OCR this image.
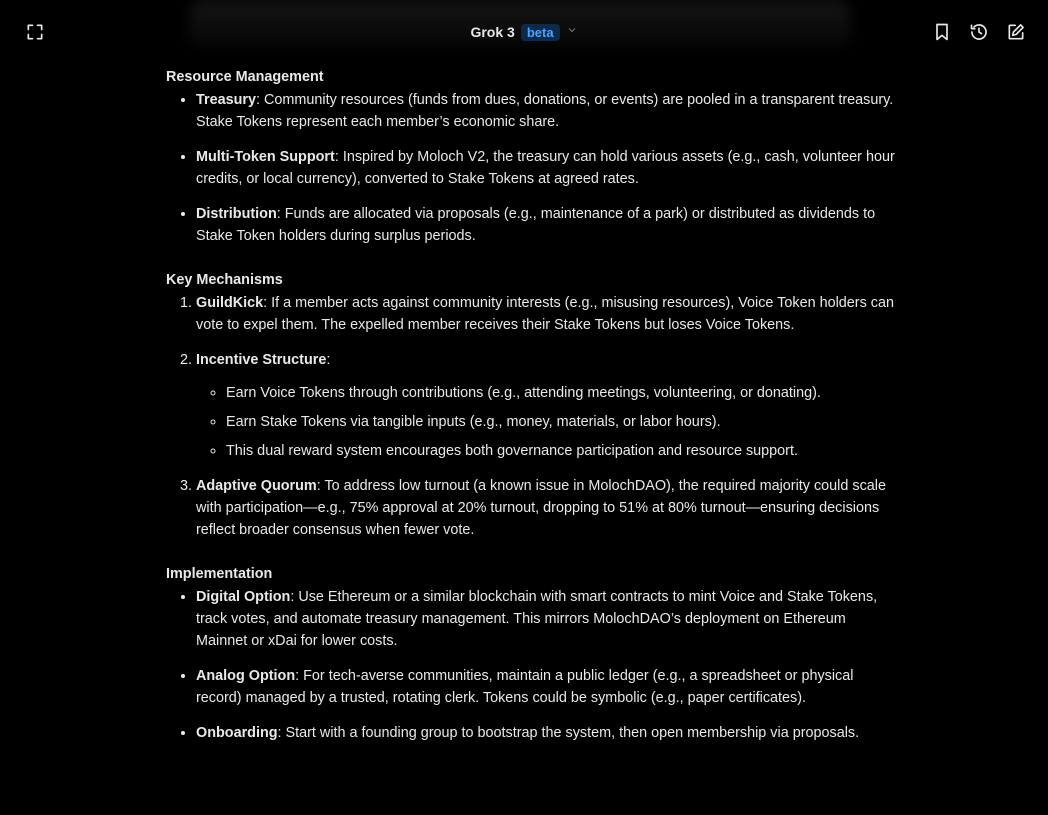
Grok 3 beta
Resource Management
• Treasury: Community resources (funds from dues, donations, or events) are pooled in a transparent treasury. Stake Tokens represent each member’s economic share.
• Multi-Token Support: Inspired by Moloch V2, the treasury can hold various assets (e.g., cash, volunteer hour credits, or local currency), converted to Stake Tokens at agreed rates.
• Distribution: Funds are allocated via proposals (e.g., maintenance of a park) or distributed as dividends to Stake Token holders during surplus periods.
Key Mechanisms
1. GuildKick: If a member acts against community interests (e.g., misusing resources), Voice Token holders can vote to expel them. The expelled member receives their Stake Tokens but loses Voice Tokens.
2. Incentive Structure:
◦ Earn Voice Tokens through contributions (e.g., attending meetings, volunteering, or donating).
◦ Earn Stake Tokens via tangible inputs (e.g., money, materials, or labor hours).
◦ This dual reward system encourages both governance participation and resource support.
3. Adaptive Quorum: To address low turnout (a known issue in MolochDAO), the required majority could scale with participation—e.g., 75% approval at 20% turnout, dropping to 51% at 80% turnout—ensuring decisions reflect broader consensus when fewer vote.
Implementation
• Digital Option: Use Ethereum or a similar blockchain with smart contracts to mint Voice and Stake Tokens, track votes, and automate treasury management. This mirrors MolochDAO’s deployment on Ethereum Mainnet or xDai for lower costs.
• Analog Option: For tech-averse communities, maintain a public ledger (e.g., a spreadsheet or physical record) managed by a trusted, rotating clerk. Tokens could be symbolic (e.g., paper certificates).
• Onboarding: Start with a founding group to bootstrap the system, then open membership via proposals.
